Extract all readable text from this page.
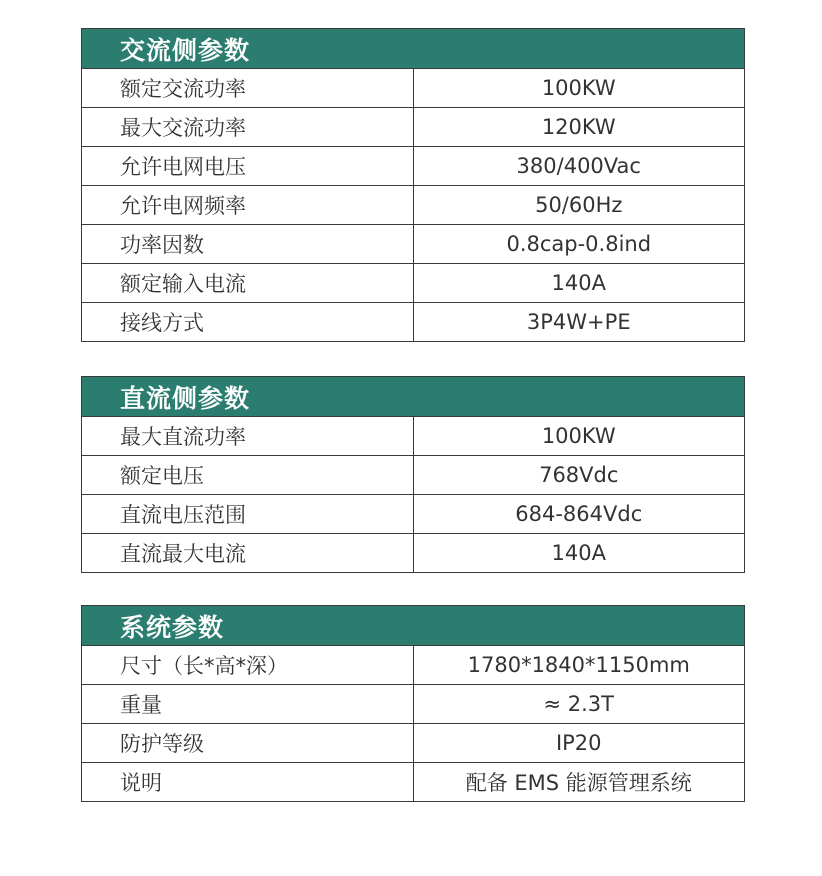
交流侧参数	
额定交流功率	100KW
最大交流功率	120KW
允许电网电压	380/400Vac
允许电网频率	50/60Hz
功率因数	0.8cap-0.8ind
额定输入电流	140A
接线方式	3P4W+PE
直流侧参数	
最大直流功率	100KW
额定电压	768Vdc
直流电压范围	684-864Vdc
直流最大电流	140A
系统参数	
尺寸（长*高*深）	1780*1840*1150mm
重量	≈ 2.3T
防护等级	IP20
说明	配备 EMS 能源管理系统
